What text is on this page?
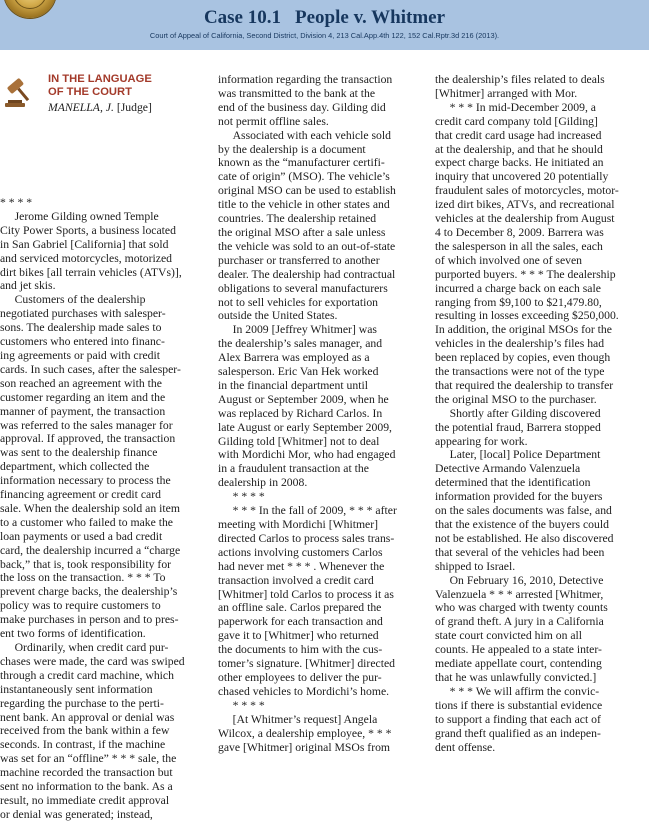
Case 10.1 People v. Whitmer
Court of Appeal of California, Second District, Division 4, 213 Cal.App.4th 122, 152 Cal.Rptr.3d 216 (2013).
IN THE LANGUAGE
OF THE COURT
MANELLA, J. [Judge]

* * * *

Jerome Gilding owned Temple

City Power Sports, a business located

in San Gabriel [California] that sold

and serviced motorcycles, motorized

dirt bikes [all terrain vehicles (ATVs)],

and jet skis.

Customers of the dealership

negotiated purchases with salesper-

sons. The dealership made sales to

customers who entered into financ-

ing agreements or paid with credit

cards. In such cases, after the salesper-

son reached an agreement with the

customer regarding an item and the

manner of payment, the transaction

was referred to the sales manager for

approval. If approved, the transaction

was sent to the dealership finance

department, which collected the

information necessary to process the

financing agreement or credit card

sale. When the dealership sold an item

to a customer who failed to make the

loan payments or used a bad credit

card, the dealership incurred a “charge

back,” that is, took responsibility for

the loss on the transaction. * * * To

prevent charge backs, the dealership’s

policy was to require customers to

make purchases in person and to pres-

ent two forms of identification.

Ordinarily, when credit card pur-

chases were made, the card was swiped

through a credit card machine, which

instantaneously sent information

regarding the purchase to the perti-

nent bank. An approval or denial was

received from the bank within a few

seconds. In contrast, if the machine

was set for an “offline” * * * sale, the

machine recorded the transaction but

sent no information to the bank. As a

result, no immediate credit approval

or denial was generated; instead,

information regarding the transaction

was transmitted to the bank at the

end of the business day. Gilding did

not permit offline sales.

Associated with each vehicle sold

by the dealership is a document

known as the “manufacturer certifi-

cate of origin” (MSO). The vehicle’s

original MSO can be used to establish

title to the vehicle in other states and

countries. The dealership retained

the original MSO after a sale unless

the vehicle was sold to an out-of-state

purchaser or transferred to another

dealer. The dealership had contractual

obligations to several manufacturers

not to sell vehicles for exportation

outside the United States.

In 2009 [Jeffrey Whitmer] was

the dealership’s sales manager, and

Alex Barrera was employed as a

salesperson. Eric Van Hek worked

in the financial department until

August or September 2009, when he

was replaced by Richard Carlos. In

late August or early September 2009,

Gilding told [Whitmer] not to deal

with Mordichi Mor, who had engaged

in a fraudulent transaction at the

dealership in 2008.

* * * *

* * * In the fall of 2009, * * * after

meeting with Mordichi [Whitmer]

directed Carlos to process sales trans-

actions involving customers Carlos

had never met * * * . Whenever the

transaction involved a credit card

[Whitmer] told Carlos to process it as

an offline sale. Carlos prepared the

paperwork for each transaction and

gave it to [Whitmer] who returned

the documents to him with the cus-

tomer’s signature. [Whitmer] directed

other employees to deliver the pur-

chased vehicles to Mordichi’s home.

* * * *

[At Whitmer’s request] Angela

Wilcox, a dealership employee, * * *

gave [Whitmer] original MSOs from

the dealership’s files related to deals

[Whitmer] arranged with Mor.

* * * In mid-December 2009, a

credit card company told [Gilding]

that credit card usage had increased

at the dealership, and that he should

expect charge backs. He initiated an

inquiry that uncovered 20 potentially

fraudulent sales of motorcycles, motor-

ized dirt bikes, ATVs, and recreational

vehicles at the dealership from August

4 to December 8, 2009. Barrera was

the salesperson in all the sales, each

of which involved one of seven

purported buyers. * * * The dealership

incurred a charge back on each sale

ranging from $9,100 to $21,479.80,

resulting in losses exceeding $250,000.

In addition, the original MSOs for the

vehicles in the dealership’s files had

been replaced by copies, even though

the transactions were not of the type

that required the dealership to transfer

the original MSO to the purchaser.

Shortly after Gilding discovered

the potential fraud, Barrera stopped

appearing for work.

Later, [local] Police Department

Detective Armando Valenzuela

determined that the identification

information provided for the buyers

on the sales documents was false, and

that the existence of the buyers could

not be established. He also discovered

that several of the vehicles had been

shipped to Israel.

On February 16, 2010, Detective

Valenzuela * * * arrested [Whitmer,

who was charged with twenty counts

of grand theft. A jury in a California

state court convicted him on all

counts. He appealed to a state inter-

mediate appellate court, contending

that he was unlawfully convicted.]

* * * We will affirm the convic-

tions if there is substantial evidence

to support a finding that each act of

grand theft qualified as an indepen-

dent offense.
